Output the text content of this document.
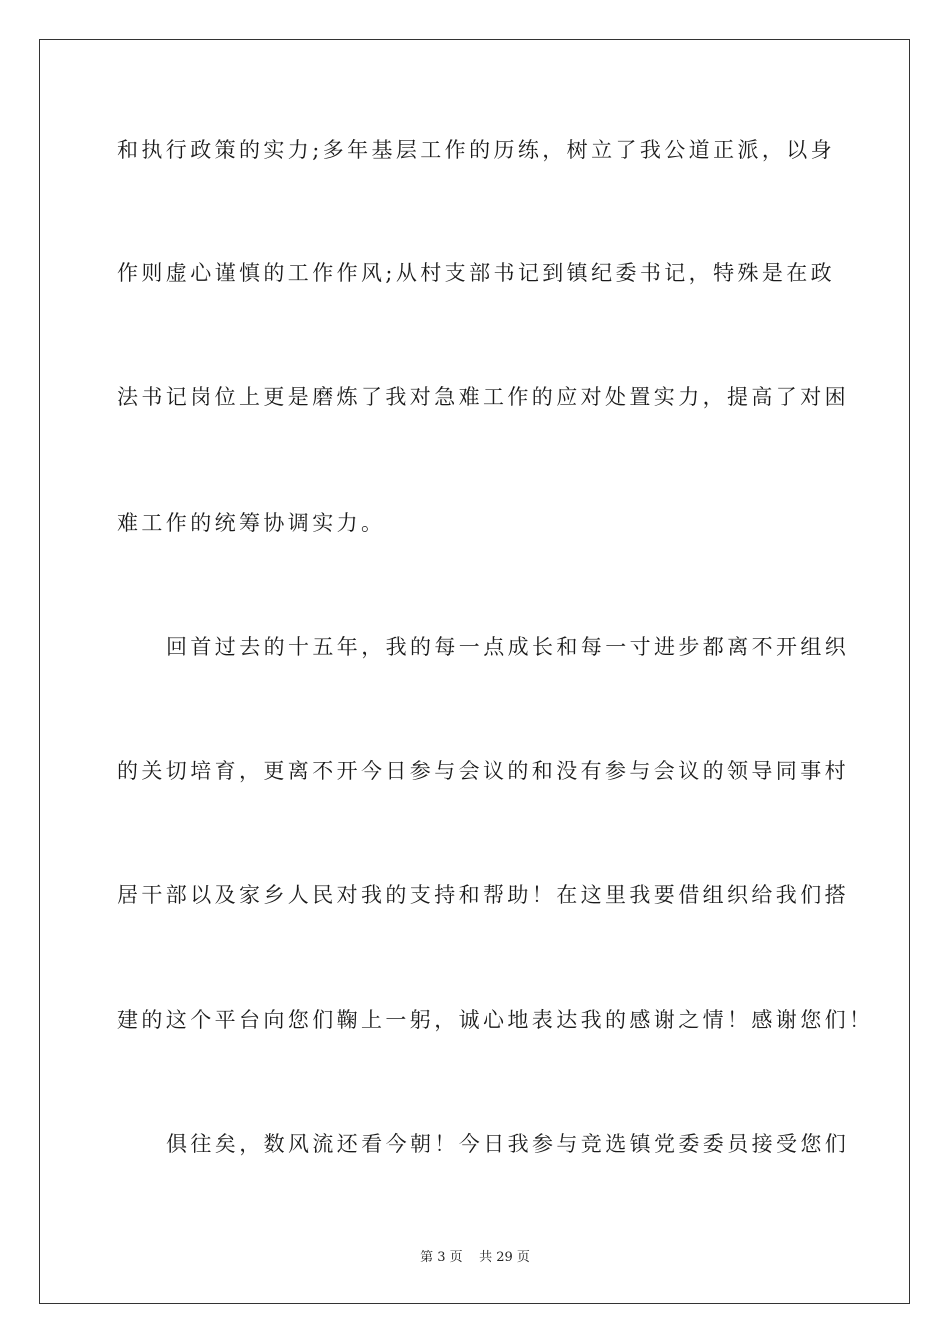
和执行政策的实力;多年基层工作的历练，树立了我公道正派，以身
作则虚心谨慎的工作作风;从村支部书记到镇纪委书记，特殊是在政
法书记岗位上更是磨炼了我对急难工作的应对处置实力，提高了对困
难工作的统筹协调实力。
回首过去的十五年，我的每一点成长和每一寸进步都离不开组织
的关切培育，更离不开今日参与会议的和没有参与会议的领导同事村
居干部以及家乡人民对我的支持和帮助！在这里我要借组织给我们搭
建的这个平台向您们鞠上一躬，诚心地表达我的感谢之情！感谢您们！
俱往矣，数风流还看今朝！今日我参与竞选镇党委委员接受您们
第 3 页    共 29 页
